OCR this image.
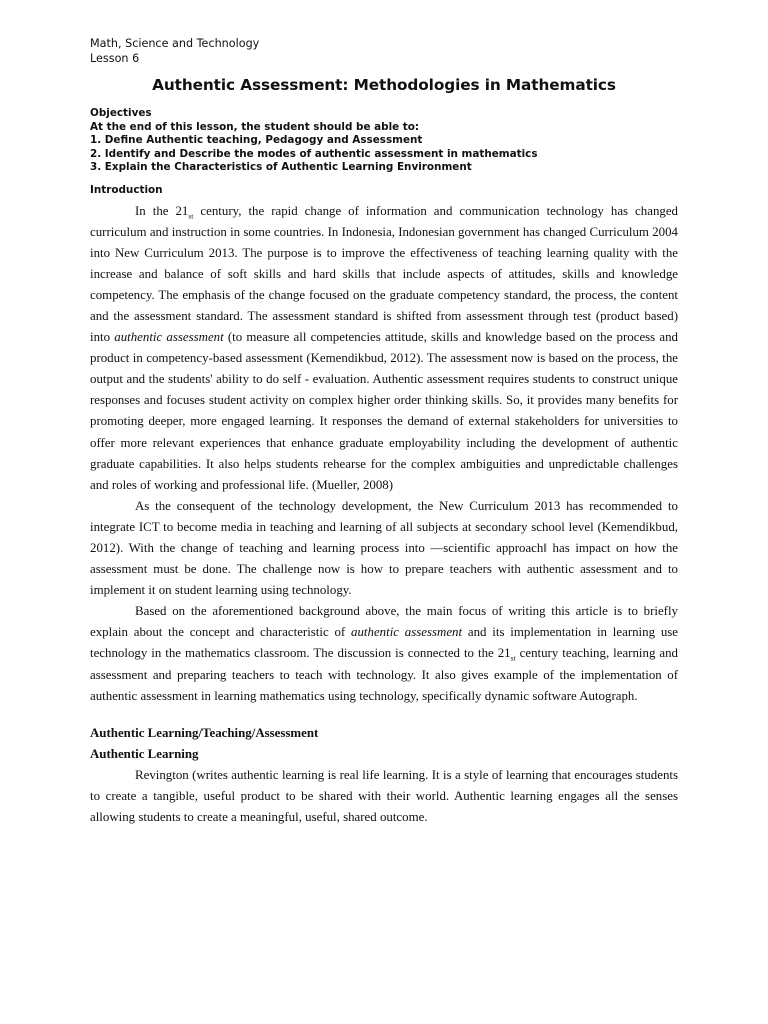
Math, Science and Technology

Lesson 6

Authentic Assessment: Methodologies in Mathematics

Objectives

At the end of this lesson, the student should be able to:

1. Define Authentic teaching, Pedagogy and Assessment

2. Identify and Describe the modes of authentic assessment in mathematics

3. Explain the Characteristics of Authentic Learning Environment

Introduction

In the $21_{st}$ century, the rapid change of information and communication technology has changed curriculum and instruction in some countries. In Indonesia, Indonesian government has changed Curriculum 2004 into New Curriculum 2013. The purpose is to improve the effectiveness of teaching learning quality with the increase and balance of soft skills and hard skills that include aspects of attitudes, skills and knowledge competency. The emphasis of the change focused on the graduate competency standard, the process, the content and the assessment standard. The assessment standard is shifted from assessment through test (product based) into authentic assessment (to measure all competencies attitude, skills and knowledge based on the process and product in competency-based assessment (Kemendikbud, 2012). The assessment now is based on the process, the output and the students' ability to do self - evaluation. Authentic assessment requires students to construct unique responses and focuses student activity on complex higher order thinking skills. So, it provides many benefits for promoting deeper, more engaged learning. It responses the demand of external stakeholders for universities to offer more relevant experiences that enhance graduate employability including the development of authentic graduate capabilities. It also helps students rehearse for the complex ambiguities and unpredictable challenges and roles of working and professional life. (Mueller, 2008)

As the consequent of the technology development, the New Curriculum 2013 has recommended to integrate ICT to become media in teaching and learning of all subjects at secondary school level (Kemendikbud, 2012). With the change of teaching and learning process into —scientific approach‖ has impact on how the assessment must be done. The challenge now is how to prepare teachers with authentic assessment and to implement it on student learning using technology.

Based on the aforementioned background above, the main focus of writing this article is to briefly explain about the concept and characteristic of authentic assessment and its implementation in learning use technology in the mathematics classroom. The discussion is connected to the $21_{st}$ century teaching, learning and assessment and preparing teachers to teach with technology. It also gives example of the implementation of authentic assessment in learning mathematics using technology, specifically dynamic software Autograph.

Authentic Learning/Teaching/Assessment

Authentic Learning

Revington (writes authentic learning is real life learning. It is a style of learning that encourages students to create a tangible, useful product to be shared with their world. Authentic learning engages all the senses allowing students to create a meaningful, useful, shared outcome.
